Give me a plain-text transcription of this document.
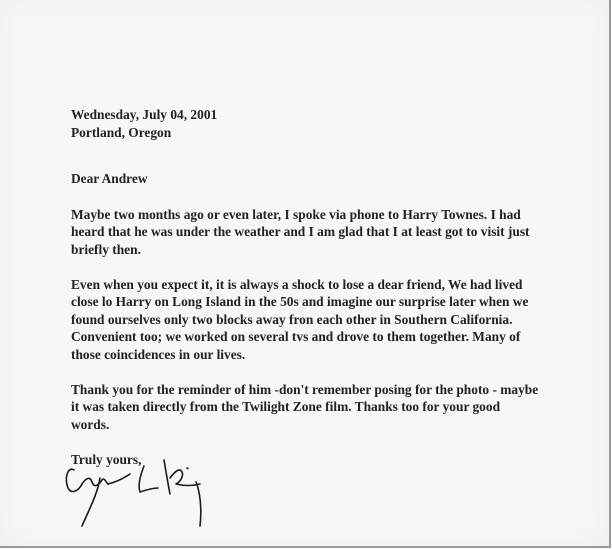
Wednesday, July 04, 2001

Portland, Oregon

Dear Andrew

Maybe two months ago or even later, I spoke via phone to Harry Townes. I had heard that he was under the weather and I am glad that I at least got to visit just briefly then.

Even when you expect it, it is always a shock to lose a dear friend, We had lived close lo Harry on Long Island in the 50s and imagine our surprise later when we found ourselves only two blocks away fron each other in Southern California. Convenient too; we worked on several tvs and drove to them together. Many of those coincidences in our lives.

Thank you for the reminder of him -don't remember posing for the photo - maybe it was taken directly from the Twilight Zone film. Thanks too for your good words.

Truly yours,
